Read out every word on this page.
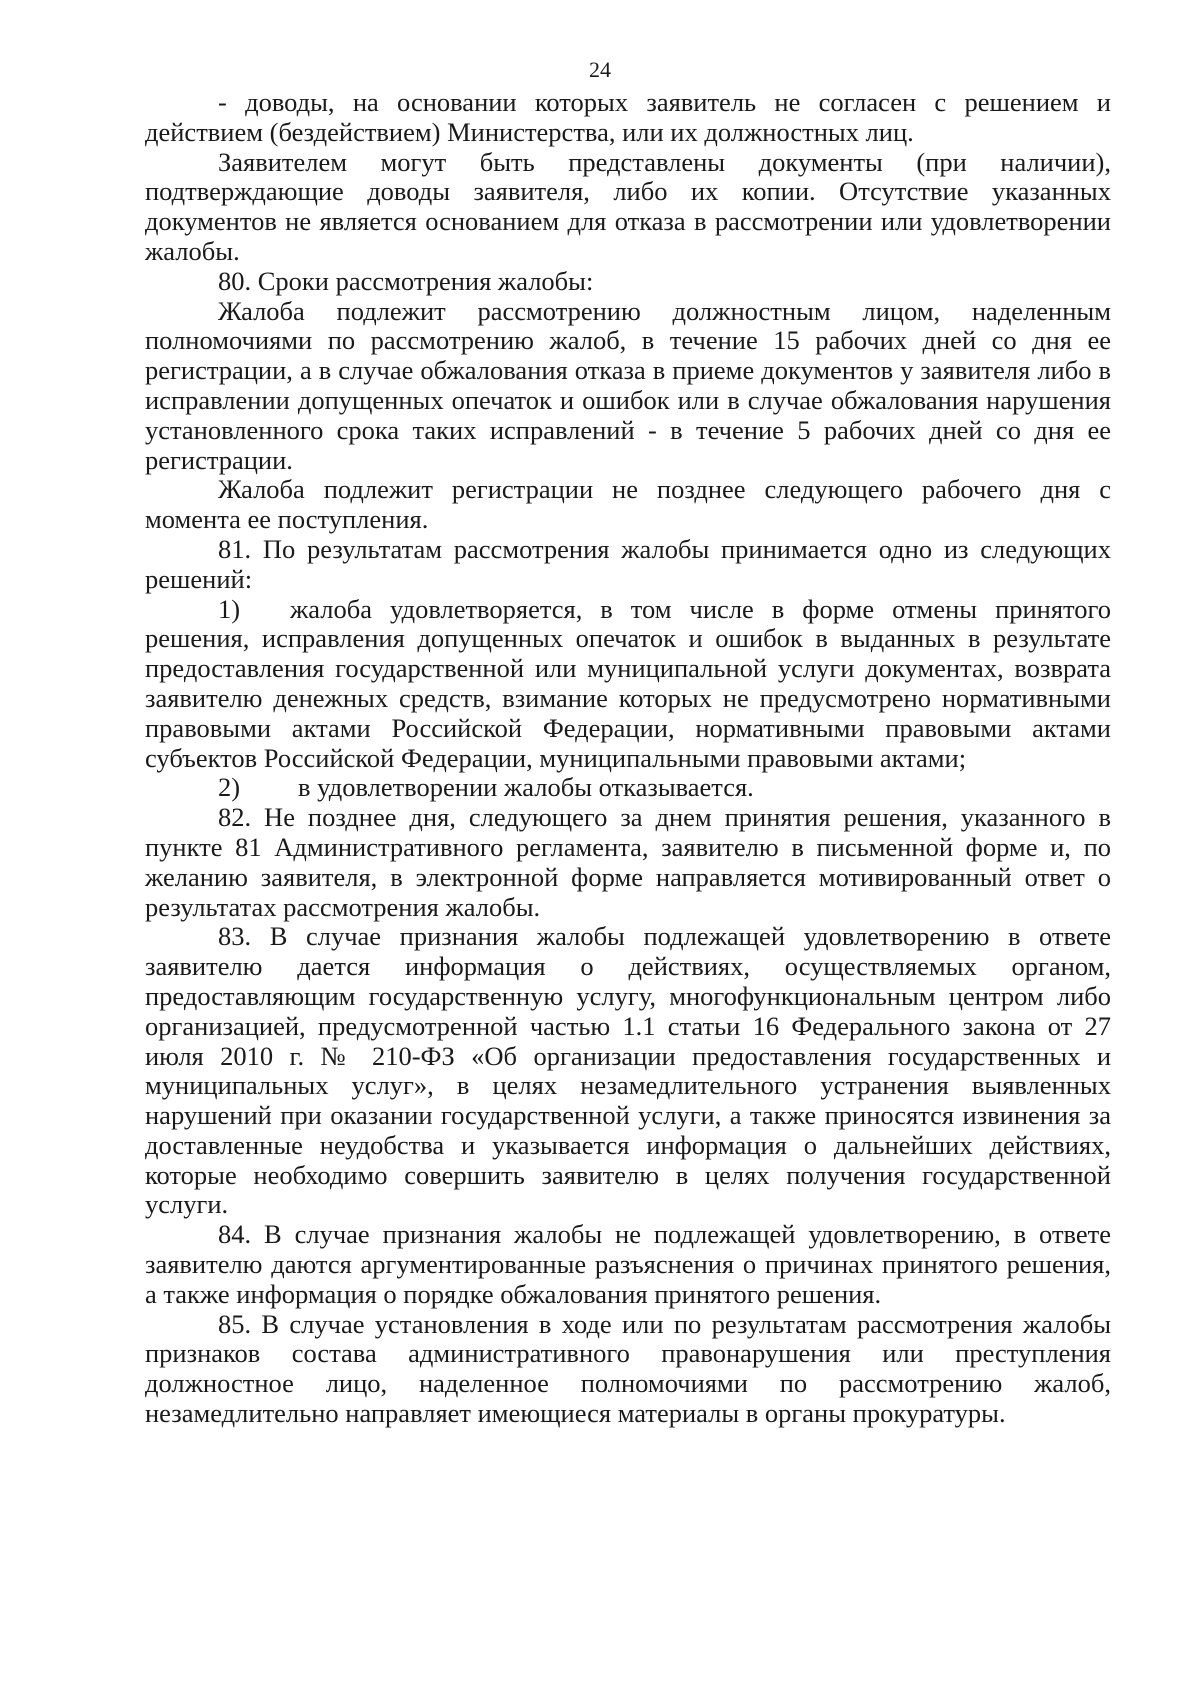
24

- доводы, на основании которых заявитель не согласен с решением и действием (бездействием) Министерства, или их должностных лиц.

Заявителем могут быть представлены документы (при наличии), подтверждающие доводы заявителя, либо их копии. Отсутствие указанных документов не является основанием для отказа в рассмотрении или удовлетворении жалобы.

80. Сроки рассмотрения жалобы:

Жалоба подлежит рассмотрению должностным лицом, наделенным полномочиями по рассмотрению жалоб, в течение 15 рабочих дней со дня ее регистрации, а в случае обжалования отказа в приеме документов у заявителя либо в исправлении допущенных опечаток и ошибок или в случае обжалования нарушения установленного срока таких исправлений - в течение 5 рабочих дней со дня ее регистрации.

Жалоба подлежит регистрации не позднее следующего рабочего дня с момента ее поступления.

81. По результатам рассмотрения жалобы принимается одно из следующих решений:

1) жалоба удовлетворяется, в том числе в форме отмены принятого решения, исправления допущенных опечаток и ошибок в выданных в результате предоставления государственной или муниципальной услуги документах, возврата заявителю денежных средств, взимание которых не предусмотрено нормативными правовыми актами Российской Федерации, нормативными правовыми актами субъектов Российской Федерации, муниципальными правовыми актами;

2) в удовлетворении жалобы отказывается.

82. Не позднее дня, следующего за днем принятия решения, указанного в пункте 81 Административного регламента, заявителю в письменной форме и, по желанию заявителя, в электронной форме направляется мотивированный ответ о результатах рассмотрения жалобы.

83. В случае признания жалобы подлежащей удовлетворению в ответе заявителю дается информация о действиях, осуществляемых органом, предоставляющим государственную услугу, многофункциональным центром либо организацией, предусмотренной частью 1.1 статьи 16 Федерального закона от 27 июля 2010 г. № 210-ФЗ «Об организации предоставления государственных и муниципальных услуг», в целях незамедлительного устранения выявленных нарушений при оказании государственной услуги, а также приносятся извинения за доставленные неудобства и указывается информация о дальнейших действиях, которые необходимо совершить заявителю в целях получения государственной услуги.

84. В случае признания жалобы не подлежащей удовлетворению, в ответе заявителю даются аргументированные разъяснения о причинах принятого решения, а также информация о порядке обжалования принятого решения.

85. В случае установления в ходе или по результатам рассмотрения жалобы признаков состава административного правонарушения или преступления должностное лицо, наделенное полномочиями по рассмотрению жалоб, незамедлительно направляет имеющиеся материалы в органы прокуратуры.
